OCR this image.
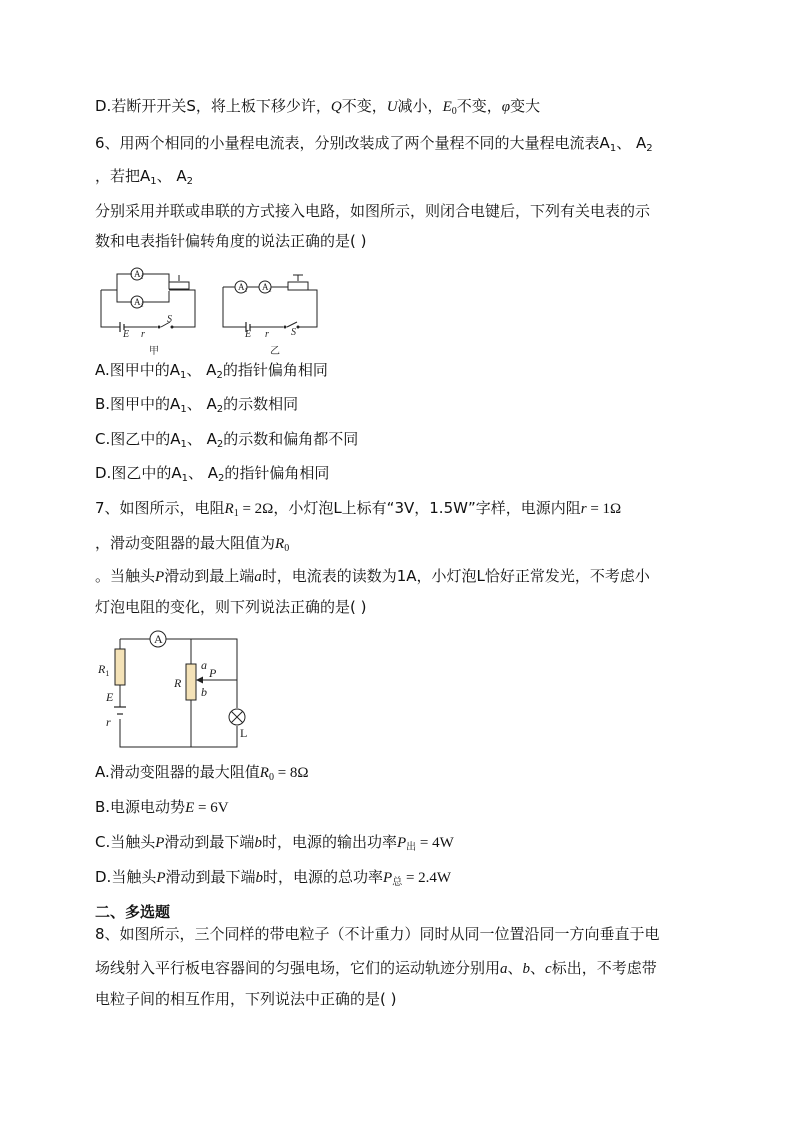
D.若断开开关S，将上板下移少许，Q不变，U减小，$E_0$不变，φ变大
6、用两个相同的小量程电流表，分别改装成了两个量程不同的大量程电流表$A_1$、 $A_2$
，若把$A_1$、 $A_2$
分别采用并联或串联的方式接入电路，如图所示，则闭合电键后，下列有关电表的示
数和电表指针偏转角度的说法正确的是( )
A₁
A₂
A₁ A₂
E r
S
E r S
甲	乙
A.图甲中的$A_1$、 $A_2$的指针偏角相同
B.图甲中的$A_1$、 $A_2$的示数相同
C.图乙中的$A_1$、 $A_2$的示数和偏角都不同
D.图乙中的$A_1$、 $A_2$的指针偏角相同
7、如图所示，电阻$R_1 = 2\Omega$，小灯泡L上标有“3V，1.5W”字样，电源内阻r = 1Ω
，滑动变阻器的最大阻值为$R_0$
。当触头P滑动到最上端a时，电流表的读数为1A，小灯泡L恰好正常发光，不考虑小
灯泡电阻的变化，则下列说法正确的是( )
A
L
$R_1$
E
r
R
a
b
P
A.滑动变阻器的最大阻值$R_0 = 8\Omega$
B.电源电动势E = 6V
C.当触头P滑动到最下端b时，电源的输出功率$P_出 = 4W$
D.当触头P滑动到最下端b时，电源的总功率$P_总 = 2.4W$
二、多选题
8、如图所示，三个同样的带电粒子（不计重力）同时从同一位置沿同一方向垂直于电
场线射入平行板电容器间的匀强电场，它们的运动轨迹分别用a、b、c标出，不考虑带
电粒子间的相互作用，下列说法中正确的是( )
